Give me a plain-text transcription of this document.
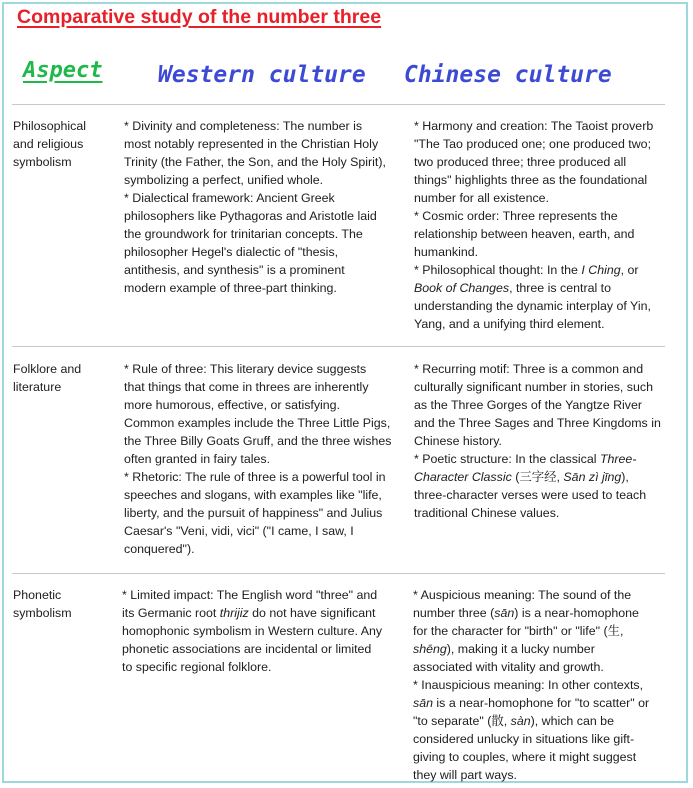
Comparative study of the number three
Aspect Western culture Chinese culture

Philosophical

and religious

symbolism

* Divinity and completeness: The number is

most notably represented in the Christian Holy

Trinity (the Father, the Son, and the Holy Spirit),

symbolizing a perfect, unified whole.

* Dialectical framework: Ancient Greek

philosophers like Pythagoras and Aristotle laid

the groundwork for trinitarian concepts. The

philosopher Hegel's dialectic of "thesis,

antithesis, and synthesis" is a prominent

modern example of three-part thinking.

* Harmony and creation: The Taoist proverb

"The Tao produced one; one produced two;

two produced three; three produced all

things" highlights three as the foundational

number for all existence.

* Cosmic order: Three represents the

relationship between heaven, earth, and

humankind.

* Philosophical thought: In the I Ching, or

Book of Changes, three is central to

understanding the dynamic interplay of Yin,

Yang, and a unifying third element.

Folklore and

literature

* Rule of three: This literary device suggests

that things that come in threes are inherently

more humorous, effective, or satisfying.

Common examples include the Three Little Pigs,

the Three Billy Goats Gruff, and the three wishes

often granted in fairy tales.

* Rhetoric: The rule of three is a powerful tool in

speeches and slogans, with examples like "life,

liberty, and the pursuit of happiness" and Julius

Caesar's "Veni, vidi, vici" ("I came, I saw, I

conquered").

* Recurring motif: Three is a common and

culturally significant number in stories, such

as the Three Gorges of the Yangtze River

and the Three Sages and Three Kingdoms in

Chinese history.

* Poetic structure: In the classical Three-

Character Classic (三字经, Sān zì jīng),

three-character verses were used to teach

traditional Chinese values.

Phonetic

symbolism

* Limited impact: The English word "three" and

its Germanic root thrijiz do not have significant

homophonic symbolism in Western culture. Any

phonetic associations are incidental or limited

to specific regional folklore.

* Auspicious meaning: The sound of the

number three (sān) is a near-homophone

for the character for "birth" or "life" (生,

shēng), making it a lucky number

associated with vitality and growth.

* Inauspicious meaning: In other contexts,

sān is a near-homophone for "to scatter" or

"to separate" (散, sàn), which can be

considered unlucky in situations like gift-

giving to couples, where it might suggest

they will part ways.
